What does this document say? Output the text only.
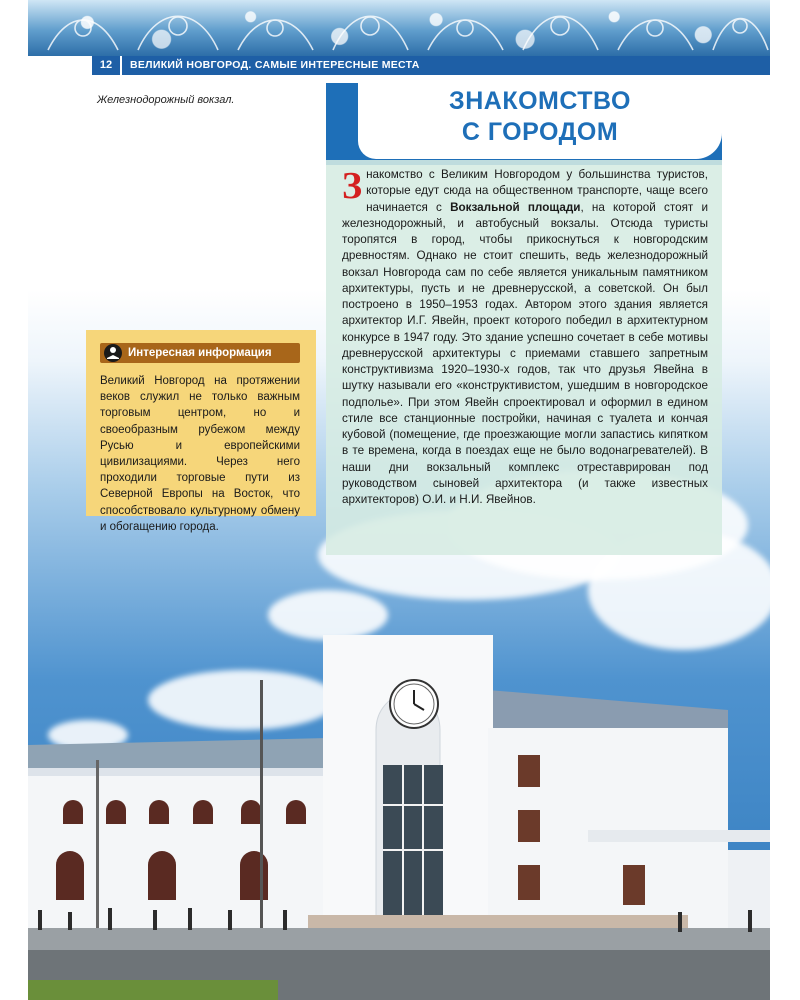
12	ВЕЛИКИЙ НОВГОРОД. САМЫЕ ИНТЕРЕСНЫЕ МЕСТА
Железнодорожный вокзал.	ЗНАКОМСТВО
С ГОРОДОМ
Знакомство с Великим Новгородом у большинства туристов, которые едут сюда на общественном транспорте, чаще всего начинается с Вокзальной площади, на которой стоят и железнодорожный, и автобусный вокзалы. Отсюда туристы торопятся в город, чтобы прикоснуться к новгородским древностям. Однако не стоит спешить, ведь железнодорожный вокзал Новгорода сам по себе является уникальным памятником архитектуры, пусть и не древнерусской, а советской. Он был построено в 1950–1953 годах. Автором этого здания является архитектор И.Г. Явейн, проект которого победил в архитектурном конкурсе в 1947 году. Это здание успешно сочетает в себе мотивы древнерусской архитектуры с приемами ставшего запретным конструктивизма 1920–1930-х годов, так что друзья Явейна в шутку называли его «конструктивистом, ушедшим в новгородское подполье». При этом Явейн спроектировал и оформил в едином стиле все станционные постройки, начиная с туалета и кончая кубовой (помещение, где проезжающие могли запастись кипятком в те времена, когда в поездах еще не было водонагревателей). В наши дни вокзальный комплекс отреставрирован под руководством сыновей архитектора (и также известных архитекторов) О.И. и Н.И. Явейнов.
Интересная информация
Великий Новгород на протяжении веков служил не только важным торговым центром, но и своеобразным рубежом между Русью и европейскими цивилизациями. Через него проходили торговые пути из Северной Европы на Восток, что способствовало культурному обмену и обогащению города.
